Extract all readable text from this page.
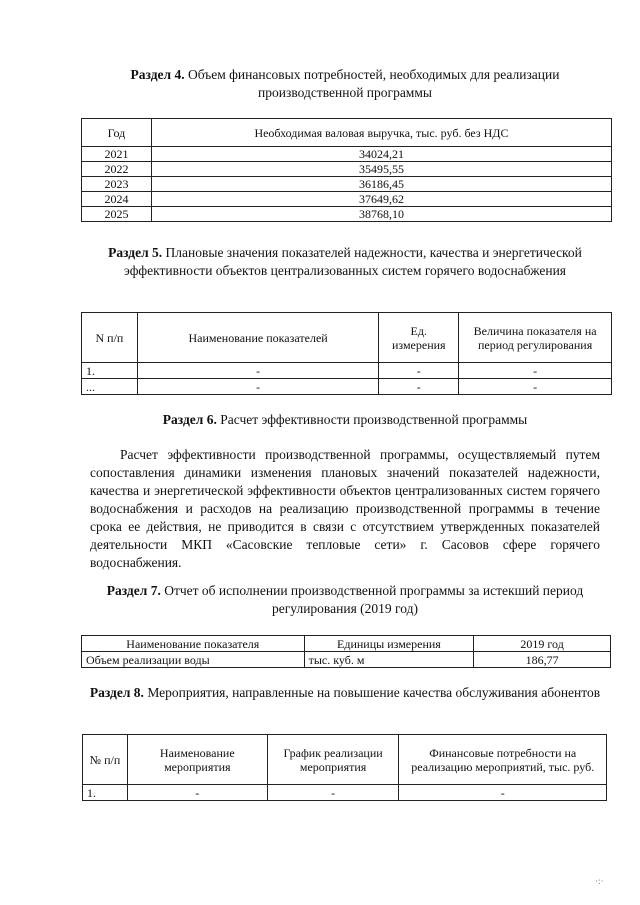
Раздел 4. Объем финансовых потребностей, необходимых для реализации производственной программы
Год	Необходимая валовая выручка, тыс. руб. без НДС
2021	34024,21
2022	35495,55
2023	36186,45
2024	37649,62
2025	38768,10
Раздел 5. Плановые значения показателей надежности, качества и энергетической эффективности объектов централизованных систем горячего водоснабжения
N п/п	Наименование показателей	Ед. измерения	Величина показателя на период регулирования
1.	-	-	-
...	-	-	-
Раздел 6. Расчет эффективности производственной программы
Расчет эффективности производственной программы, осуществляемый путем сопоставления динамики изменения плановых значений показателей надежности, качества и энергетической эффективности объектов централизованных систем горячего водоснабжения и расходов на реализацию производственной программы в течение срока ее действия, не приводится в связи с отсутствием утвержденных показателей деятельности МКП «Сасовские тепловые сети» г. Сасовов сфере горячего водоснабжения.
Раздел 7. Отчет об исполнении производственной программы за истекший период регулирования (2019 год)
Наименование показателя	Единицы измерения	2019 год
Объем реализации воды	тыс. куб. м	186,77
Раздел 8. Мероприятия, направленные на повышение качества обслуживания абонентов
№ п/п	Наименование мероприятия	График реализации мероприятия	Финансовые потребности на реализацию мероприятий, тыс. руб.
1.	-	-	-
·:·
